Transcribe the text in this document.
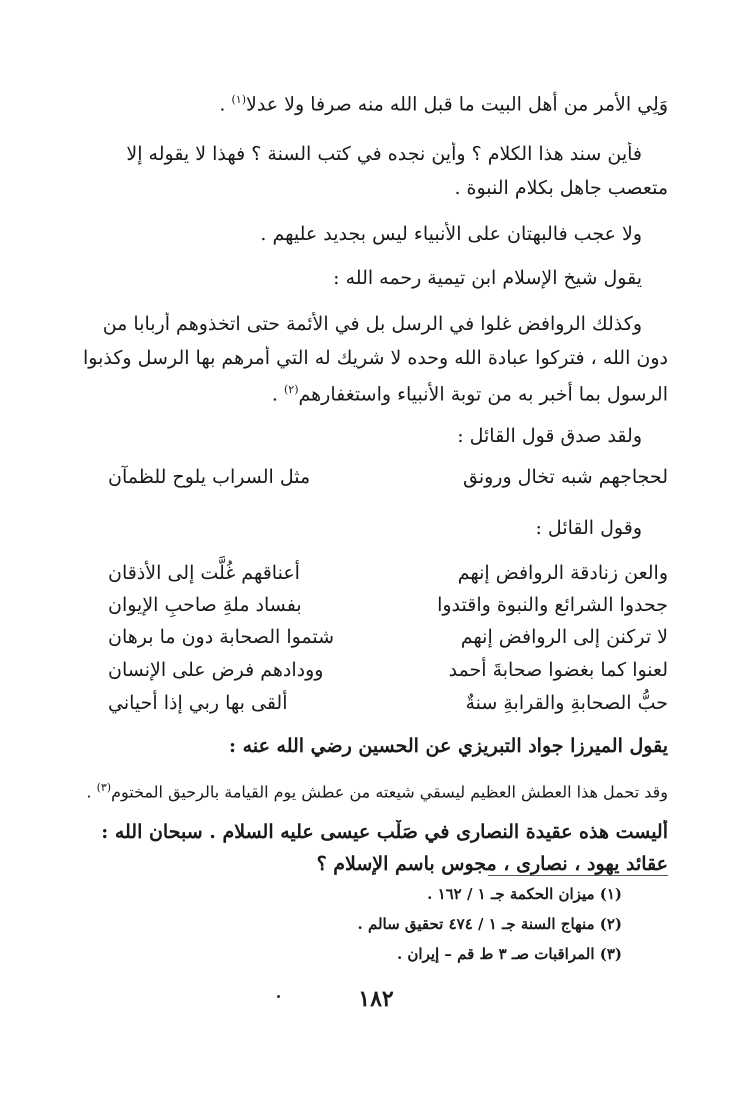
وَلِي الأمر من أهل البيت ما قبل الله منه صرفا ولا عدلا$^{(١)}$ .
فأين سند هذا الكلام ؟ وأين نجده في كتب السنة ؟ فهذا لا يقوله إلا
متعصب جاهل بكلام النبوة .
ولا عجب فالبهتان على الأنبياء ليس بجديد عليهم .
يقول شيخ الإسلام ابن تيمية رحمه الله :
وكذلك الروافض غلوا في الرسل بل في الأئمة حتى اتخذوهم أربابا من
دون الله ، فتركوا عبادة الله وحده لا شريك له التي أمرهم بها الرسل وكذبوا
الرسول بما أخبر به من توبة الأنبياء واستغفارهم$^{(٢)}$ .
ولقد صدق قول القائل :
لحجاجهم شبه تخال ورونق
مثل السراب يلوح للظمآن
وقول القائل :
والعن زنادقة الروافض إنهم
أعناقهم غُلَّت إلى الأذقان
جحدوا الشرائع والنبوة واقتدوا
بفساد ملةِ صاحبِ الإيوان
لا تركنن إلى الروافض إنهم
شتموا الصحابة دون ما برهان
لعنوا كما بغضوا صحابةَ أحمد
وودادهم فرض على الإنسان
حبُّ الصحابةِ والقرابةِ سنةٌ
ألقى بها ربي إذا أحياني
يقول الميرزا جواد التبريزي عن الحسين رضي الله عنه :
وقد تحمل هذا العطش العظيم ليسقي شيعته من عطش يوم القيامة بالرحيق المختوم$^{(٣)}$ .
أليست هذه عقيدة النصارى في صَلْب عيسى عليه السلام . سبحان الله :
عقائد يهود ، نصارى ، مجوس باسم الإسلام ؟
(١) ميزان الحكمة جـ ١ / ١٦٢ .
(٢) منهاج السنة جـ ١ / ٤٧٤ تحقيق سالم .
(٣) المراقبات صـ ٣ ط قم – إيران .
١٨٢
